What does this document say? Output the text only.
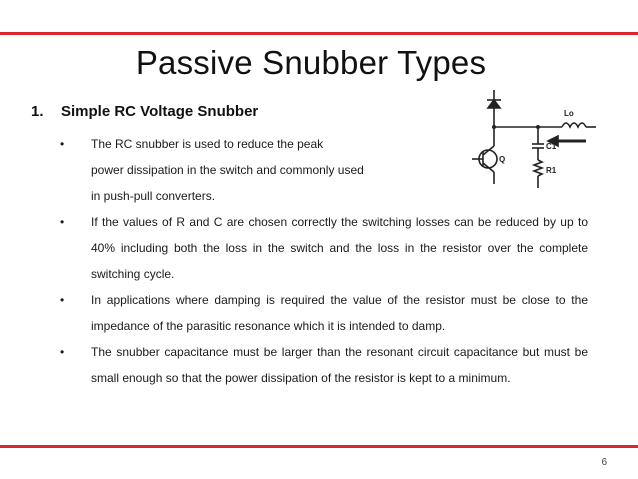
Passive Snubber Types
1. Simple RC Voltage Snubber
• The RC snubber is used to reduce the peak
power dissipation in the switch and commonly used
in push-pull converters.
• If the values of R and C are chosen correctly the switching losses can be reduced by up to 40% including both the loss in the switch and the loss in the resistor over the complete switching cycle.
• In applications where damping is required the value of the resistor must be close to the impedance of the parasitic resonance which it is intended to damp.
• The snubber capacitance must be larger than the resonant circuit capacitance but must be small enough so that the power dissipation of the resistor is kept to a minimum.
Lo
C1
R1
Q
6
